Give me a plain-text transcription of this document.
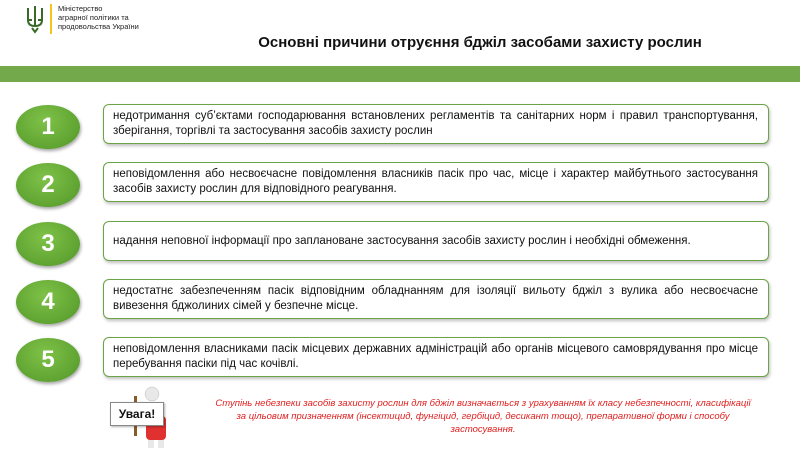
Міністерство
аграрної політики та
продовольства України
Основні причини отруєння бджіл засобами захисту рослин
1	недотримання суб’єктами господарювання встановлених регламентів та санітарних норм і правил транспортування, зберігання, торгівлі та застосування засобів захисту рослин
2	неповідомлення або несвоєчасне повідомлення власників пасік про час, місце і характер майбутнього застосування засобів захисту рослин для відповідного реагування.
3	надання неповної інформації про заплановане застосування засобів захисту рослин і необхідні обмеження.
4	недостатнє забезпеченням пасік відповідним обладнанням для ізоляції вильоту бджіл з вулика або несвоєчасне вивезення бджолиних сімей у безпечне місце.
5	неповідомлення власниками пасік місцевих державних адміністрацій або органів місцевого самоврядування про місце перебування пасіки під час кочівлі.
Увага!
Ступінь небезпеки засобів захисту рослин для бджіл визначається з урахуванням їх класу небезпечності, класифікації за цільовим призначенням (інсектицид, фунгіцид, гербіцид, десикант тощо), препаративної форми і способу застосування.
